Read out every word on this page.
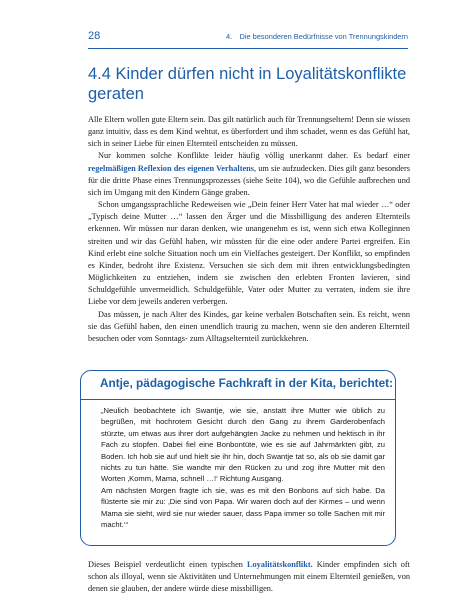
28	4. Die besonderen Bedürfnisse von Trennungskindern
4.4 Kinder dürfen nicht in Loyalitätskonflikte geraten

Alle Eltern wollen gute Eltern sein. Das gilt natürlich auch für Trennungseltern! Denn sie wissen ganz intuitiv, dass es dem Kind wehtut, es überfordert und ihm schadet, wenn es das Gefühl hat, sich in seiner Liebe für einen Elternteil entscheiden zu müssen.

Nur kommen solche Konflikte leider häufig völlig unerkannt daher. Es bedarf einer regelmäßigen Reflexion des eigenen Verhaltens, um sie aufzudecken. Dies gilt ganz besonders für die dritte Phase eines Trennungsprozesses (siehe Seite 104), wo die Gefühle aufbrechen und sich im Umgang mit den Kindern Gänge graben.

Schon umgangssprachliche Redeweisen wie „Dein feiner Herr Vater hat mal wieder …“ oder „Typisch deine Mutter …“ lassen den Ärger und die Missbilligung des anderen Elternteils erkennen. Wir müssen nur daran denken, wie unangenehm es ist, wenn sich etwa Kolleginnen streiten und wir das Gefühl haben, wir müssten für die eine oder andere Partei ergreifen. Ein Kind erlebt eine solche Situation noch um ein Vielfaches gesteigert. Der Konflikt, so empfinden es Kinder, bedroht ihre Existenz. Versuchen sie sich dem mit ihren entwicklungsbedingten Möglichkeiten zu entziehen, indem sie zwischen den erlebten Fronten lavieren, sind Schuldgefühle unvermeidlich. Schuldgefühle, Vater oder Mutter zu verraten, indem sie ihre Liebe vor dem jeweils anderen verbergen.

Das müssen, je nach Alter des Kindes, gar keine verbalen Botschaften sein. Es reicht, wenn sie das Gefühl haben, den einen unendlich traurig zu machen, wenn sie den anderen Elternteil besuchen oder vom Sonntags- zum Alltagselternteil zurückkehren.

Antje, pädagogische Fachkraft in der Kita, berichtet:

„Neulich beobachtete ich Swantje, wie sie, anstatt ihre Mutter wie üblich zu begrüßen, mit hochrotem Gesicht durch den Gang zu ihrem Garderobenfach stürzte, um etwas aus ihrer dort aufgehängten Jacke zu nehmen und hektisch in ihr Fach zu stopfen. Dabei fiel eine Bonbontüte, wie es sie auf Jahrmärkten gibt, zu Boden. Ich hob sie auf und hielt sie ihr hin, doch Swantje tat so, als ob sie damit gar nichts zu tun hätte. Sie wandte mir den Rücken zu und zog ihre Mutter mit den Worten ‚Komm, Mama, schnell …!‘ Richtung Ausgang.

Am nächsten Morgen fragte ich sie, was es mit den Bonbons auf sich habe. Da flüsterte sie mir zu: ‚Die sind von Papa. Wir waren doch auf der Kirmes – und wenn Mama sie sieht, wird sie nur wieder sauer, dass Papa immer so tolle Sachen mit mir macht.‘“

Dieses Beispiel verdeutlicht einen typischen Loyalitätskonflikt. Kinder empfinden sich oft schon als illoyal, wenn sie Aktivitäten und Unternehmungen mit einem Elternteil genießen, von denen sie glauben, der andere würde diese missbilligen.
